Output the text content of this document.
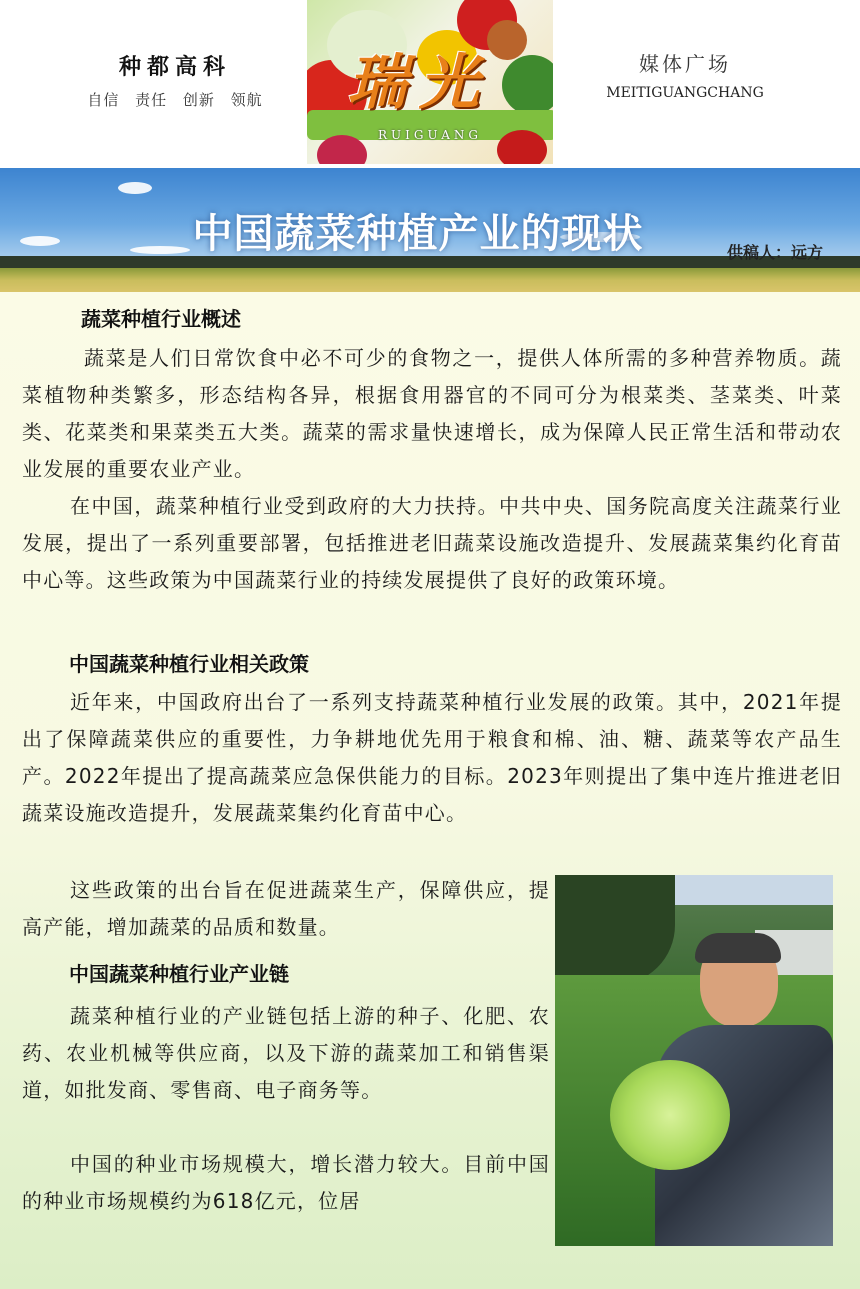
种都高科
自信 责任 创新 领航	瑞光
RUIGUANG
媒体广场
MEITIGUANGCHANG
中国蔬菜种植产业的现状	供稿人：远方
蔬菜种植行业概述

蔬菜是人们日常饮食中必不可少的食物之一，提供人体所需的多种营养物质。蔬菜植物种类繁多，形态结构各异，根据食用器官的不同可分为根菜类、茎菜类、叶菜类、花菜类和果菜类五大类。蔬菜的需求量快速增长，成为保障人民正常生活和带动农业发展的重要农业产业。

在中国，蔬菜种植行业受到政府的大力扶持。中共中央、国务院高度关注蔬菜行业发展，提出了一系列重要部署，包括推进老旧蔬菜设施改造提升、发展蔬菜集约化育苗中心等。这些政策为中国蔬菜行业的持续发展提供了良好的政策环境。

中国蔬菜种植行业相关政策

近年来，中国政府出台了一系列支持蔬菜种植行业发展的政策。其中，2021年提出了保障蔬菜供应的重要性，力争耕地优先用于粮食和棉、油、糖、蔬菜等农产品生产。2022年提出了提高蔬菜应急保供能力的目标。2023年则提出了集中连片推进老旧蔬菜设施改造提升，发展蔬菜集约化育苗中心。

这些政策的出台旨在促进蔬菜生产，保障供应，提高产能，增加蔬菜的品质和数量。

中国蔬菜种植行业产业链

蔬菜种植行业的产业链包括上游的种子、化肥、农药、农业机械等供应商，以及下游的蔬菜加工和销售渠道，如批发商、零售商、电子商务等。

中国的种业市场规模大，增长潜力较大。目前中国的种业市场规模约为618亿元，位居
